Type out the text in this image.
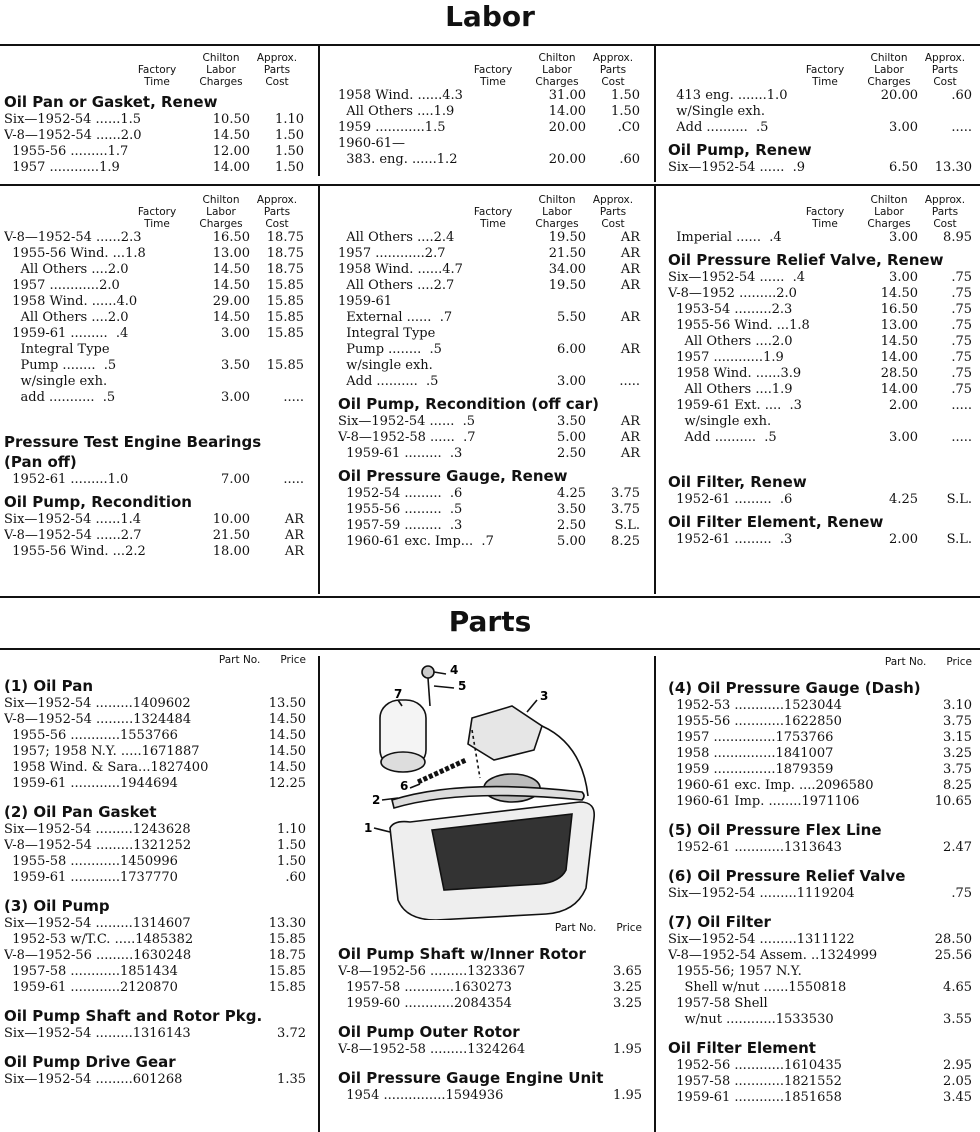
Labor
Factory
Time
Chilton
Labor
Charges
Approx.
Parts
Cost
Oil Pan or Gasket, Renew
Six—1952-54 ......1.5	10.50	1.10
V-8—1952-54 ......2.0	14.50	1.50
1955-56 .........1.7	12.00	1.50
1957 ............1.9	14.00	1.50
Factory
Time
Chilton
Labor
Charges
Approx.
Parts
Cost
1958 Wind. ......4.3	31.00	1.50
All Others ....1.9	14.00	1.50
1959 ............1.5	20.00	.C0
1960-61—
383. eng. ......1.2	20.00	.60
Factory
Time
Chilton
Labor
Charges
Approx.
Parts
Cost
413 eng. .......1.0	20.00	.60
w/Single exh.
Add ..........  .5	3.00	.....
Oil Pump, Renew
Six—1952-54 ......  .9	6.50	13.30
Factory
Time
Chilton
Labor
Charges
Approx.
Parts
Cost
V-8—1952-54 ......2.3	16.50	18.75
1955-56 Wind. ...1.8	13.00	18.75
All Others ....2.0	14.50	18.75
1957 ............2.0	14.50	15.85
1958 Wind. ......4.0	29.00	15.85
All Others ....2.0	14.50	15.85
1959-61 .........  .4	3.00	15.85
Integral Type
Pump ........  .5	3.50	15.85
w/single exh.
add ...........  .5	3.00	.....
Pressure Test Engine Bearings
(Pan off)
1952-61 .........1.0	7.00	.....
Oil Pump, Recondition
Six—1952-54 ......1.4	10.00	AR
V-8—1952-54 ......2.7	21.50	AR
1955-56 Wind. ...2.2	18.00	AR
Factory
Time
Chilton
Labor
Charges
Approx.
Parts
Cost
All Others ....2.4	19.50	AR
1957 ............2.7	21.50	AR
1958 Wind. ......4.7	34.00	AR
All Others ....2.7	19.50	AR
1959-61
External ......  .7	5.50	AR
Integral Type
Pump ........  .5	6.00	AR
w/single exh.
Add ..........  .5	3.00	.....
Oil Pump, Recondition (off car)
Six—1952-54 ......  .5	3.50	AR
V-8—1952-58 ......  .7	5.00	AR
1959-61 .........  .3	2.50	AR
Oil Pressure Gauge, Renew
1952-54 .........  .6	4.25	3.75
1955-56 .........  .5	3.50	3.75
1957-59 .........  .3	2.50	S.L.
1960-61 exc. Imp...  .7	5.00	8.25
Factory
Time
Chilton
Labor
Charges
Approx.
Parts
Cost
Imperial ......  .4	3.00	8.95
Oil Pressure Relief Valve, Renew
Six—1952-54 ......  .4	3.00	.75
V-8—1952 .........2.0	14.50	.75
1953-54 .........2.3	16.50	.75
1955-56 Wind. ...1.8	13.00	.75
All Others ....2.0	14.50	.75
1957 ............1.9	14.00	.75
1958 Wind. ......3.9	28.50	.75
All Others ....1.9	14.00	.75
1959-61 Ext. ....  .3	2.00	.....
w/single exh.
Add ..........  .5	3.00	.....
Oil Filter, Renew
1952-61 .........  .6	4.25	S.L.
Oil Filter Element, Renew
1952-61 .........  .3	2.00	S.L.
Parts
Part No. Price
(1) Oil Pan
Six—1952-54 .........1409602	13.50
V-8—1952-54 .........1324484	14.50
1955-56 ............1553766	14.50
1957; 1958 N.Y. .....1671887	14.50
1958 Wind. & Sara...1827400	14.50
1959-61 ............1944694	12.25
(2) Oil Pan Gasket
Six—1952-54 .........1243628	1.10
V-8—1952-54 .........1321252	1.50
1955-58 ............1450996	1.50
1959-61 ............1737770	.60
(3) Oil Pump
Six—1952-54 .........1314607	13.30
1952-53 w/T.C. .....1485382	15.85
V-8—1952-56 .........1630248	18.75
1957-58 ............1851434	15.85
1959-61 ............2120870	15.85
Oil Pump Shaft and Rotor Pkg.
Six—1952-54 .........1316143	3.72
Oil Pump Drive Gear
Six—1952-54 .........601268	1.35
1
2
3
4
5
6
7
Part No. Price
Oil Pump Shaft w/Inner Rotor
V-8—1952-56 .........1323367	3.65
1957-58 ............1630273	3.25
1959-60 ............2084354	3.25
Oil Pump Outer Rotor
V-8—1952-58 .........1324264	1.95
Oil Pressure Gauge Engine Unit
1954 ...............1594936	1.95
Part No. Price
(4) Oil Pressure Gauge (Dash)
1952-53 ............1523044	3.10
1955-56 ............1622850	3.75
1957 ...............1753766	3.15
1958 ...............1841007	3.25
1959 ...............1879359	3.75
1960-61 exc. Imp. ....2096580	8.25
1960-61 Imp. ........1971106	10.65
(5) Oil Pressure Flex Line
1952-61 ............1313643	2.47
(6) Oil Pressure Relief Valve
Six—1952-54 .........1119204	.75
(7) Oil Filter
Six—1952-54 .........1311122	28.50
V-8—1952-54 Assem. ..1324999	25.56
1955-56; 1957 N.Y.
Shell w/nut ......1550818	4.65
1957-58 Shell
w/nut ............1533530	3.55
Oil Filter Element
1952-56 ............1610435	2.95
1957-58 ............1821552	2.05
1959-61 ............1851658	3.45
